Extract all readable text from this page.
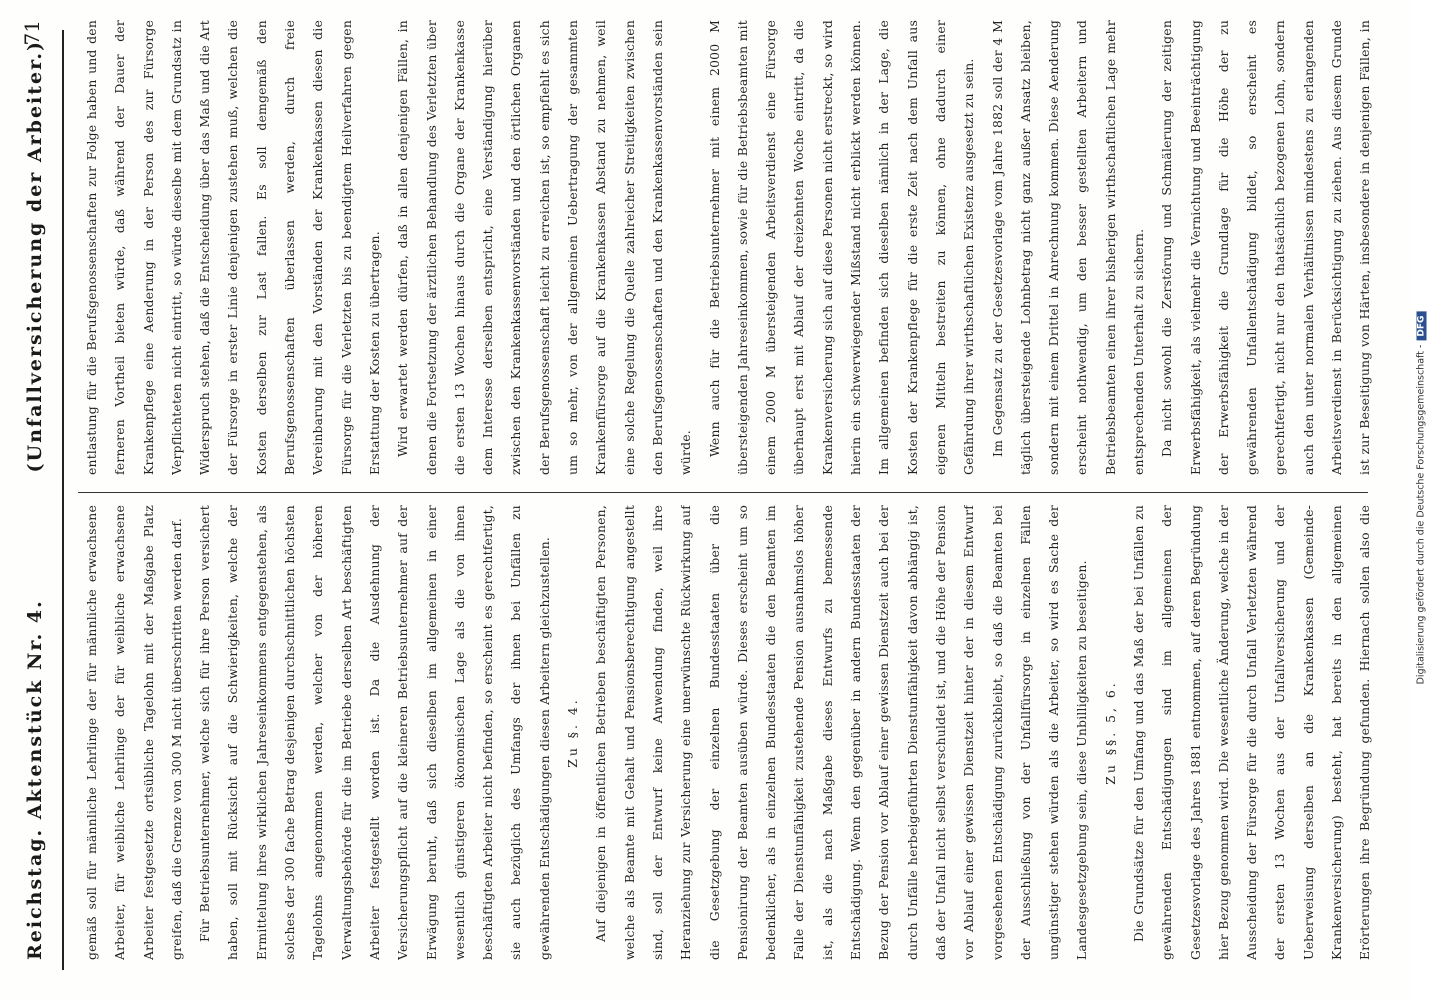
Reichstag. Aktenstück Nr. 4.
(Unfallversicherung der Arbeiter.)
71

gemäß soll für männliche Lehrlinge der für männliche erwachsene Arbeiter, für weibliche Lehrlinge der für weibliche erwachsene Arbeiter festgesetzte ortsübliche Tagelohn mit der Maßgabe Platz greifen, daß die Grenze von 300 M nicht überschritten werden darf.	Für Betriebsunternehmer, welche sich für ihre Person versichert haben, soll mit Rücksicht auf die Schwierigkeiten, welche der Ermittelung ihres wirklichen Jahreseinkommens entgegenstehen, als solches der 300 fache Betrag desjenigen durchschnittlichen höchsten Tagelohns angenommen werden, welcher von der höheren Verwaltungsbehörde für die im Betriebe derselben Art beschäftigten Arbeiter festgestellt worden ist. Da die Ausdehnung der Versicherungspflicht auf die kleineren Betriebsunternehmer auf der Erwägung beruht, daß sich dieselben im allgemeinen in einer wesentlich günstigeren ökonomischen Lage als die von ihnen beschäftigten Arbeiter nicht befinden, so erscheint es gerechtfertigt, sie auch bezüglich des Umfangs der ihnen bei Unfällen zu gewährenden Entschädigungen diesen Arbeitern gleichzustellen.	Zu §. 4.	Auf diejenigen in öffentlichen Betrieben beschäftigten Personen, welche als Beamte mit Gehalt und Pensionsberechtigung angestellt sind, soll der Entwurf keine Anwendung finden, weil ihre Heranziehung zur Versicherung eine unerwünschte Rückwirkung auf die Gesetzgebung der einzelnen Bundesstaaten über die Pensionirung der Beamten ausüben würde. Dieses erscheint um so bedenklicher, als in einzelnen Bundesstaaten die den Beamten im Falle der Dienstunfähigkeit zustehende Pension ausnahmslos höher ist, als die nach Maßgabe dieses Entwurfs zu bemessende Entschädigung. Wenn den gegenüber in andern Bundesstaaten der Bezug der Pension vor Ablauf einer gewissen Dienstzeit auch bei der durch Unfälle herbeigeführten Dienstunfähigkeit davon abhängig ist, daß der Unfall nicht selbst verschuldet ist, und die Höhe der Pension vor Ablauf einer gewissen Dienstzeit hinter der in diesem Entwurf vorgesehenen Entschädigung zurückbleibt, so daß die Beamten bei der Ausschließung von der Unfallfürsorge in einzelnen Fällen ungünstiger stehen würden als die Arbeiter, so wird es Sache der Landesgesetzgebung sein, diese Unbilligkeiten zu beseitigen.	Zu §§. 5, 6.

Die Grundsätze für den Umfang und das Maß der bei Unfällen zu gewährenden Entschädigungen sind im allgemeinen der Gesetzesvorlage des Jahres 1881 entnommen, auf deren Begründung hier Bezug genommen wird. Die wesentliche Änderung, welche in der Ausscheidung der Fürsorge für die durch Unfall Verletzten während der ersten 13 Wochen aus der Unfallversicherung und der Ueberweisung derselben an die Krankenkassen (Gemeinde-Krankenversicherung) besteht, hat bereits in den allgemeinen Erörterungen ihre Begründung gefunden. Hiernach sollen also die

entlastung für die Berufsgenossenschaften zur Folge haben und den ferneren Vortheil bieten würde, daß während der Dauer der Krankenpflege eine Aenderung in der Person des zur Fürsorge Verpflichteten nicht eintritt, so würde dieselbe mit dem Grundsatz in Widerspruch stehen, daß die Entscheidung über das Maß und die Art der Fürsorge in erster Linie denjenigen zustehen muß, welchen die Kosten derselben zur Last fallen. Es soll demgemäß den Berufsgenossenschaften überlassen werden, durch freie Vereinbarung mit den Vorständen der Krankenkassen diesen die Fürsorge für die Verletzten bis zu beendigtem Heilverfahren gegen Erstattung der Kosten zu übertragen.	Wird erwartet werden dürfen, daß in allen denjenigen Fällen, in denen die Fortsetzung der ärztlichen Behandlung des Verletzten über die ersten 13 Wochen hinaus durch die Organe der Krankenkasse dem Interesse derselben entspricht, eine Verständigung hierüber zwischen den Krankenkassenvorständen und den örtlichen Organen der Berufsgenossenschaft leicht zu erreichen ist, so empfiehlt es sich um so mehr, von der allgemeinen Uebertragung der gesammten Krankenfürsorge auf die Krankenkassen Abstand zu nehmen, weil eine solche Regelung die Quelle zahlreicher Streitigkeiten zwischen den Berufsgenossenschaften und den Krankenkassenvorständen sein würde.	Wenn auch für die Betriebsunternehmer mit einem 2000 M übersteigenden Jahreseinkommen, sowie für die Betriebsbeamten mit einem 2000 M übersteigenden Arbeitsverdienst eine Fürsorge überhaupt erst mit Ablauf der dreizehnten Woche eintritt, da die Krankenversicherung sich auf diese Personen nicht erstreckt, so wird hierin ein schwerwiegender Mißstand nicht erblickt werden können. Im allgemeinen befinden sich dieselben nämlich in der Lage, die Kosten der Krankenpflege für die erste Zeit nach dem Unfall aus eigenen Mitteln bestreiten zu können, ohne dadurch einer Gefährdung ihrer wirthschaftlichen Existenz ausgesetzt zu sein.	Im Gegensatz zu der Gesetzesvorlage vom Jahre 1882 soll der 4 M täglich übersteigende Lohnbetrag nicht ganz außer Ansatz bleiben, sondern mit einem Drittel in Anrechnung kommen. Diese Aenderung erscheint nothwendig, um den besser gestellten Arbeitern und Betriebsbeamten einen ihrer bisherigen wirthschaftlichen Lage mehr entsprechenden Unterhalt zu sichern.	Da nicht sowohl die Zerstörung und Schmälerung der zeitigen Erwerbsfähigkeit, als vielmehr die Vernichtung und Beeinträchtigung der Erwerbsfähigkeit die Grundlage für die Höhe der zu gewährenden Unfallentschädigung bildet, so erscheint es gerechtfertigt, nicht nur den thatsächlich bezogenen Lohn, sondern auch den unter normalen Verhältnissen mindestens zu erlangenden Arbeitsverdienst in Berücksichtigung zu ziehen. Aus diesem Grunde ist zur Beseitigung von Härten, insbesondere in denjenigen Fällen, in

Digitalisierung gefördert durch die Deutsche Forschungsgemeinschaft -DFG
